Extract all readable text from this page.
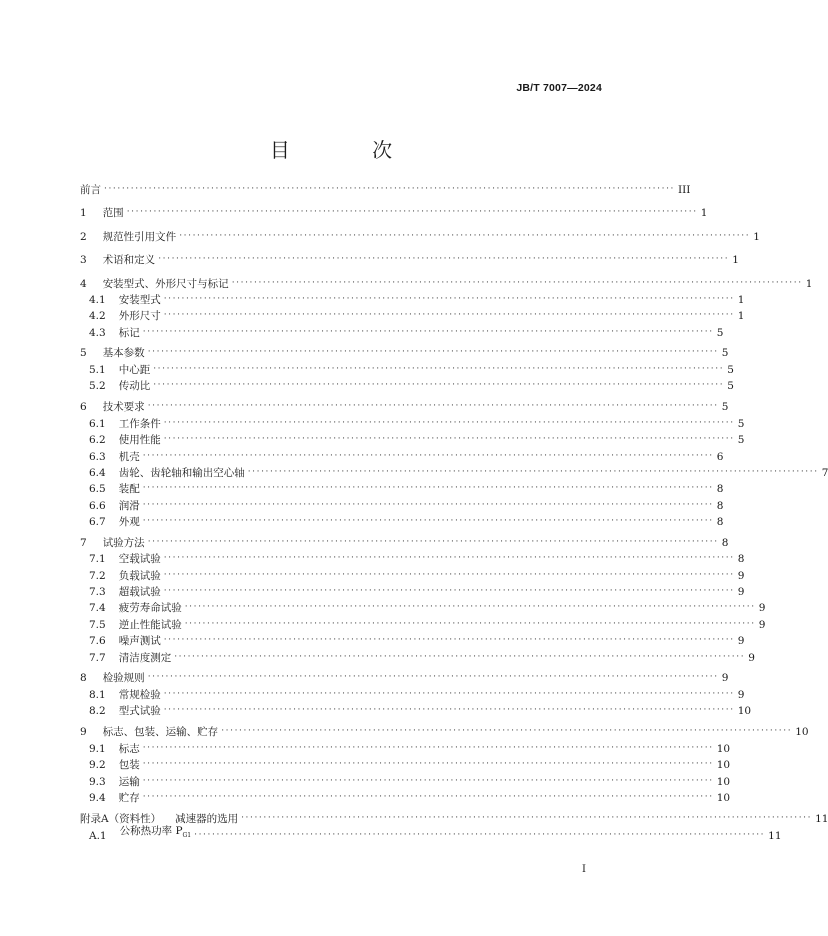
JB/T 7007—2024
目 次
前言 ································································································································ III
1 范围 ································································································································ 1
2 规范性引用文件 ································································································································ 1
3 术语和定义 ································································································································ 1
4 安装型式、外形尺寸与标记 ································································································································ 1
4.1 安装型式 ································································································································ 1
4.2 外形尺寸 ································································································································ 1
4.3 标记 ································································································································ 5
5 基本参数 ································································································································ 5
5.1 中心距 ································································································································ 5
5.2 传动比 ································································································································ 5
6 技术要求 ································································································································ 5
6.1 工作条件 ································································································································ 5
6.2 使用性能 ································································································································ 5
6.3 机壳 ································································································································ 6
6.4 齿轮、齿轮轴和输出空心轴 ································································································································ 7
6.5 装配 ································································································································ 8
6.6 润滑 ································································································································ 8
6.7 外观 ································································································································ 8
7 试验方法 ································································································································ 8
7.1 空载试验 ································································································································ 8
7.2 负载试验 ································································································································ 9
7.3 超载试验 ································································································································ 9
7.4 疲劳寿命试验 ································································································································ 9
7.5 逆止性能试验 ································································································································ 9
7.6 噪声测试 ································································································································ 9
7.7 清洁度测定 ································································································································ 9
8 检验规则 ································································································································ 9
8.1 常规检验 ································································································································ 9
8.2 型式试验 ································································································································ 10
9 标志、包装、运输、贮存 ································································································································ 10
9.1 标志 ································································································································ 10
9.2 包装 ································································································································ 10
9.3 运输 ································································································································ 10
9.4 贮存 ································································································································ 10
附录A（资料性） 减速器的选用 ································································································································ 11
A.1 公称热功率 $P_{G1}$ ································································································································ 11
I
